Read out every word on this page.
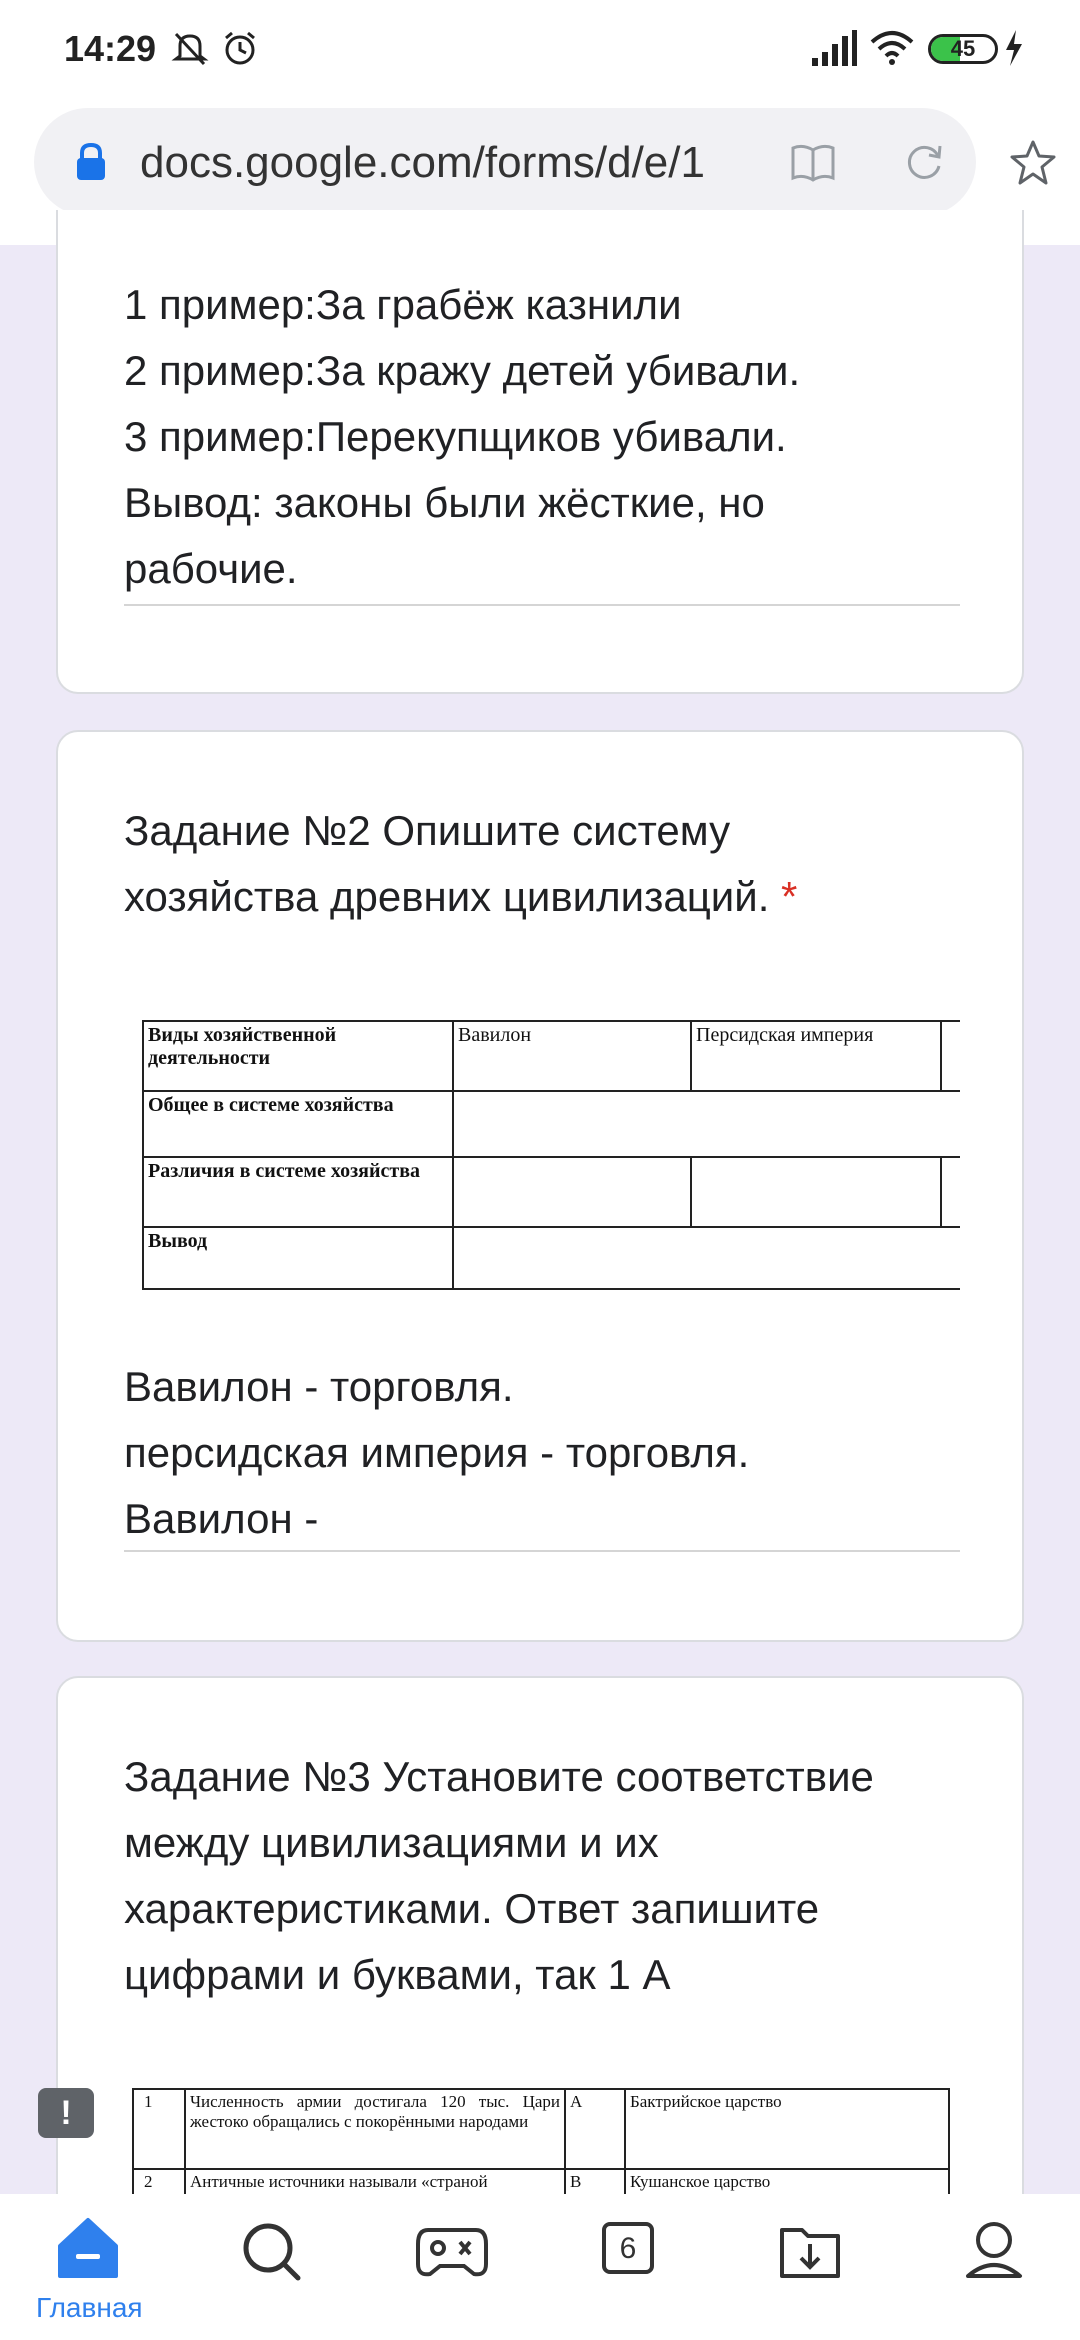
14:29	45
docs.google.com/forms/d/e/1
1 пример:За грабёж казнили
2 пример:За кражу детей убивали.
3 пример:Перекупщиков убивали.
Вывод: законы были жёсткие, но
рабочие.
Задание №2 Опишите систему
хозяйства древних цивилизаций. *
Виды хозяйственной деятельности	Вавилон	Персидская империя	
Общее в системе хозяйства			
Различия в системе хозяйства			
Вывод			
Вавилон - торговля.
персидская империя - торговля.
Вавилон -
Задание №3 Установите соответствие
между цивилизациями и их
характеристиками. Ответ запишите
цифрами и буквами, так 1 А
1	Численность армии достигала 120 тыс. Цари жестоко обращались с покорёнными народами	А	Бактрийское царство
2	Античные источники называли «страной	В	Кушанское царство
!
Главная
6
